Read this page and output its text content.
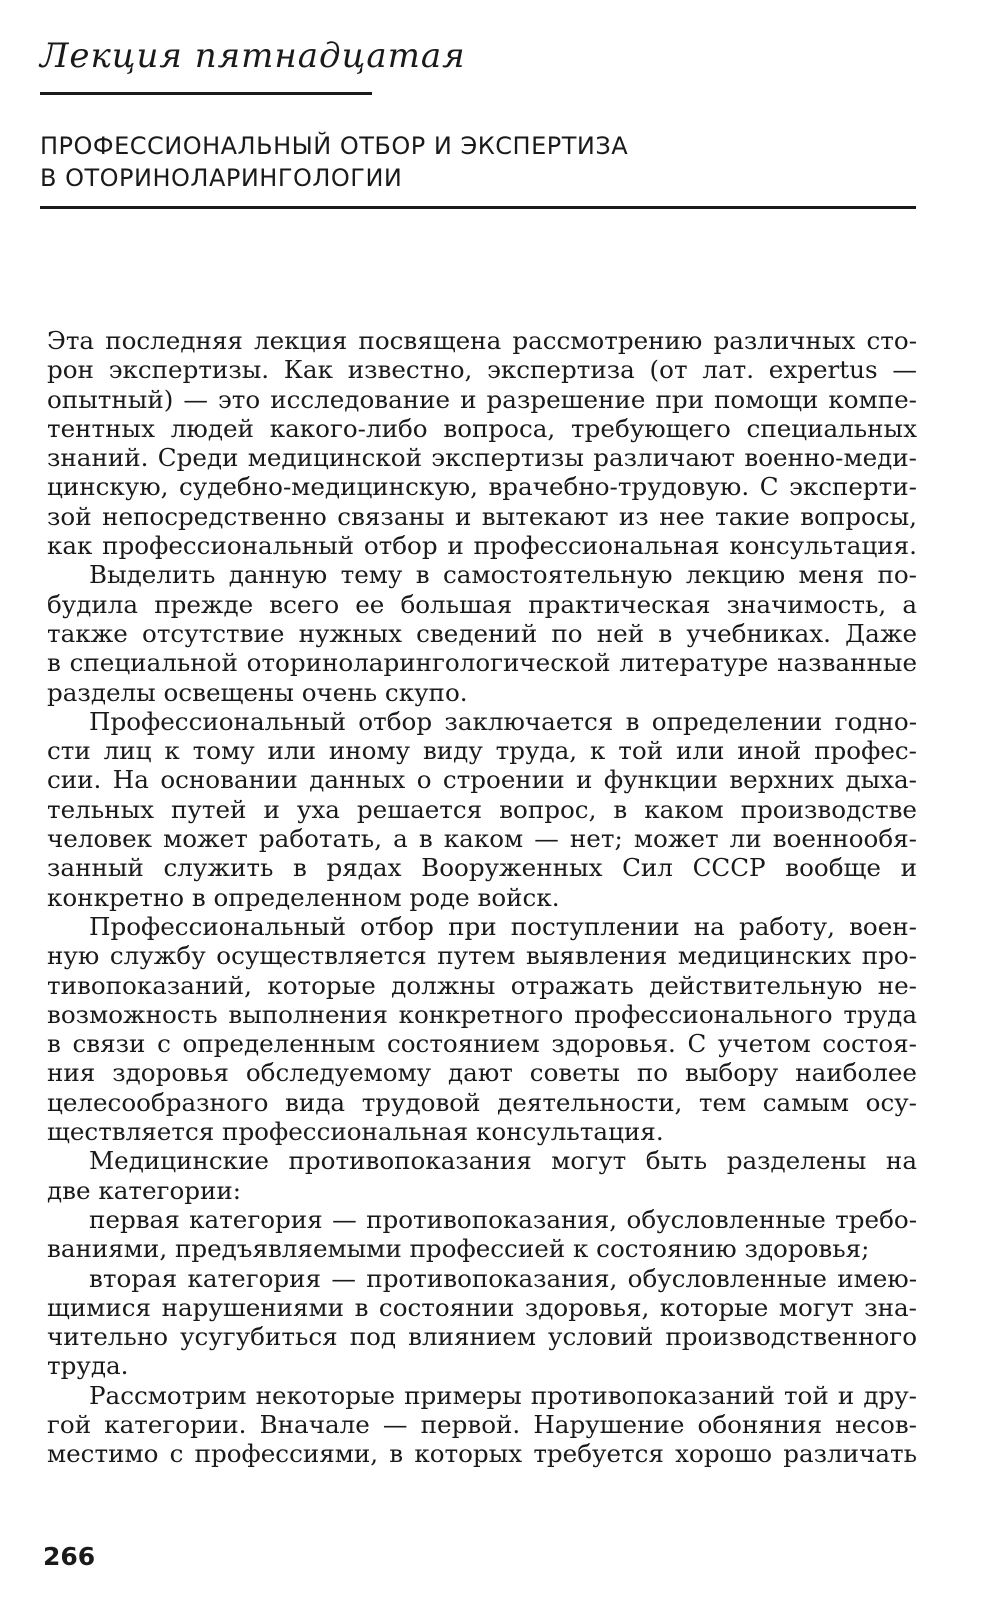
Лекция пятнадцатая
ПРОФЕССИОНАЛЬНЫЙ ОТБОР И ЭКСПЕРТИЗА
В ОТОРИНОЛАРИНГОЛОГИИ
Эта последняя лекция посвящена рассмотрению различных сто-
рон экспертизы. Как известно, экспертиза (от лат. expertus —
опытный) — это исследование и разрешение при помощи компе-
тентных людей какого-либо вопроса, требующего специальных
знаний. Среди медицинской экспертизы различают военно-меди-
цинскую, судебно-медицинскую, врачебно-трудовую. С эксперти-
зой непосредственно связаны и вытекают из нее такие вопросы,
как профессиональный отбор и профессиональная консультация.
Выделить данную тему в самостоятельную лекцию меня по-
будила прежде всего ее большая практическая значимость, а
также отсутствие нужных сведений по ней в учебниках. Даже
в специальной оториноларингологической литературе названные
разделы освещены очень скупо.
Профессиональный отбор заключается в определении годно-
сти лиц к тому или иному виду труда, к той или иной профес-
сии. На основании данных о строении и функции верхних дыха-
тельных путей и уха решается вопрос, в каком производстве
человек может работать, а в каком — нет; может ли военнообя-
занный служить в рядах Вооруженных Сил СССР вообще и
конкретно в определенном роде войск.
Профессиональный отбор при поступлении на работу, воен-
ную службу осуществляется путем выявления медицинских про-
тивопоказаний, которые должны отражать действительную не-
возможность выполнения конкретного профессионального труда
в связи с определенным состоянием здоровья. С учетом состоя-
ния здоровья обследуемому дают советы по выбору наиболее
целесообразного вида трудовой деятельности, тем самым осу-
ществляется профессиональная консультация.
Медицинские противопоказания могут быть разделены на
две категории:
первая категория — противопоказания, обусловленные требо-
ваниями, предъявляемыми профессией к состоянию здоровья;
вторая категория — противопоказания, обусловленные имею-
щимися нарушениями в состоянии здоровья, которые могут зна-
чительно усугубиться под влиянием условий производственного
труда.
Рассмотрим некоторые примеры противопоказаний той и дру-
гой категории. Вначале — первой. Нарушение обоняния несов-
местимо с профессиями, в которых требуется хорошо различать
266
